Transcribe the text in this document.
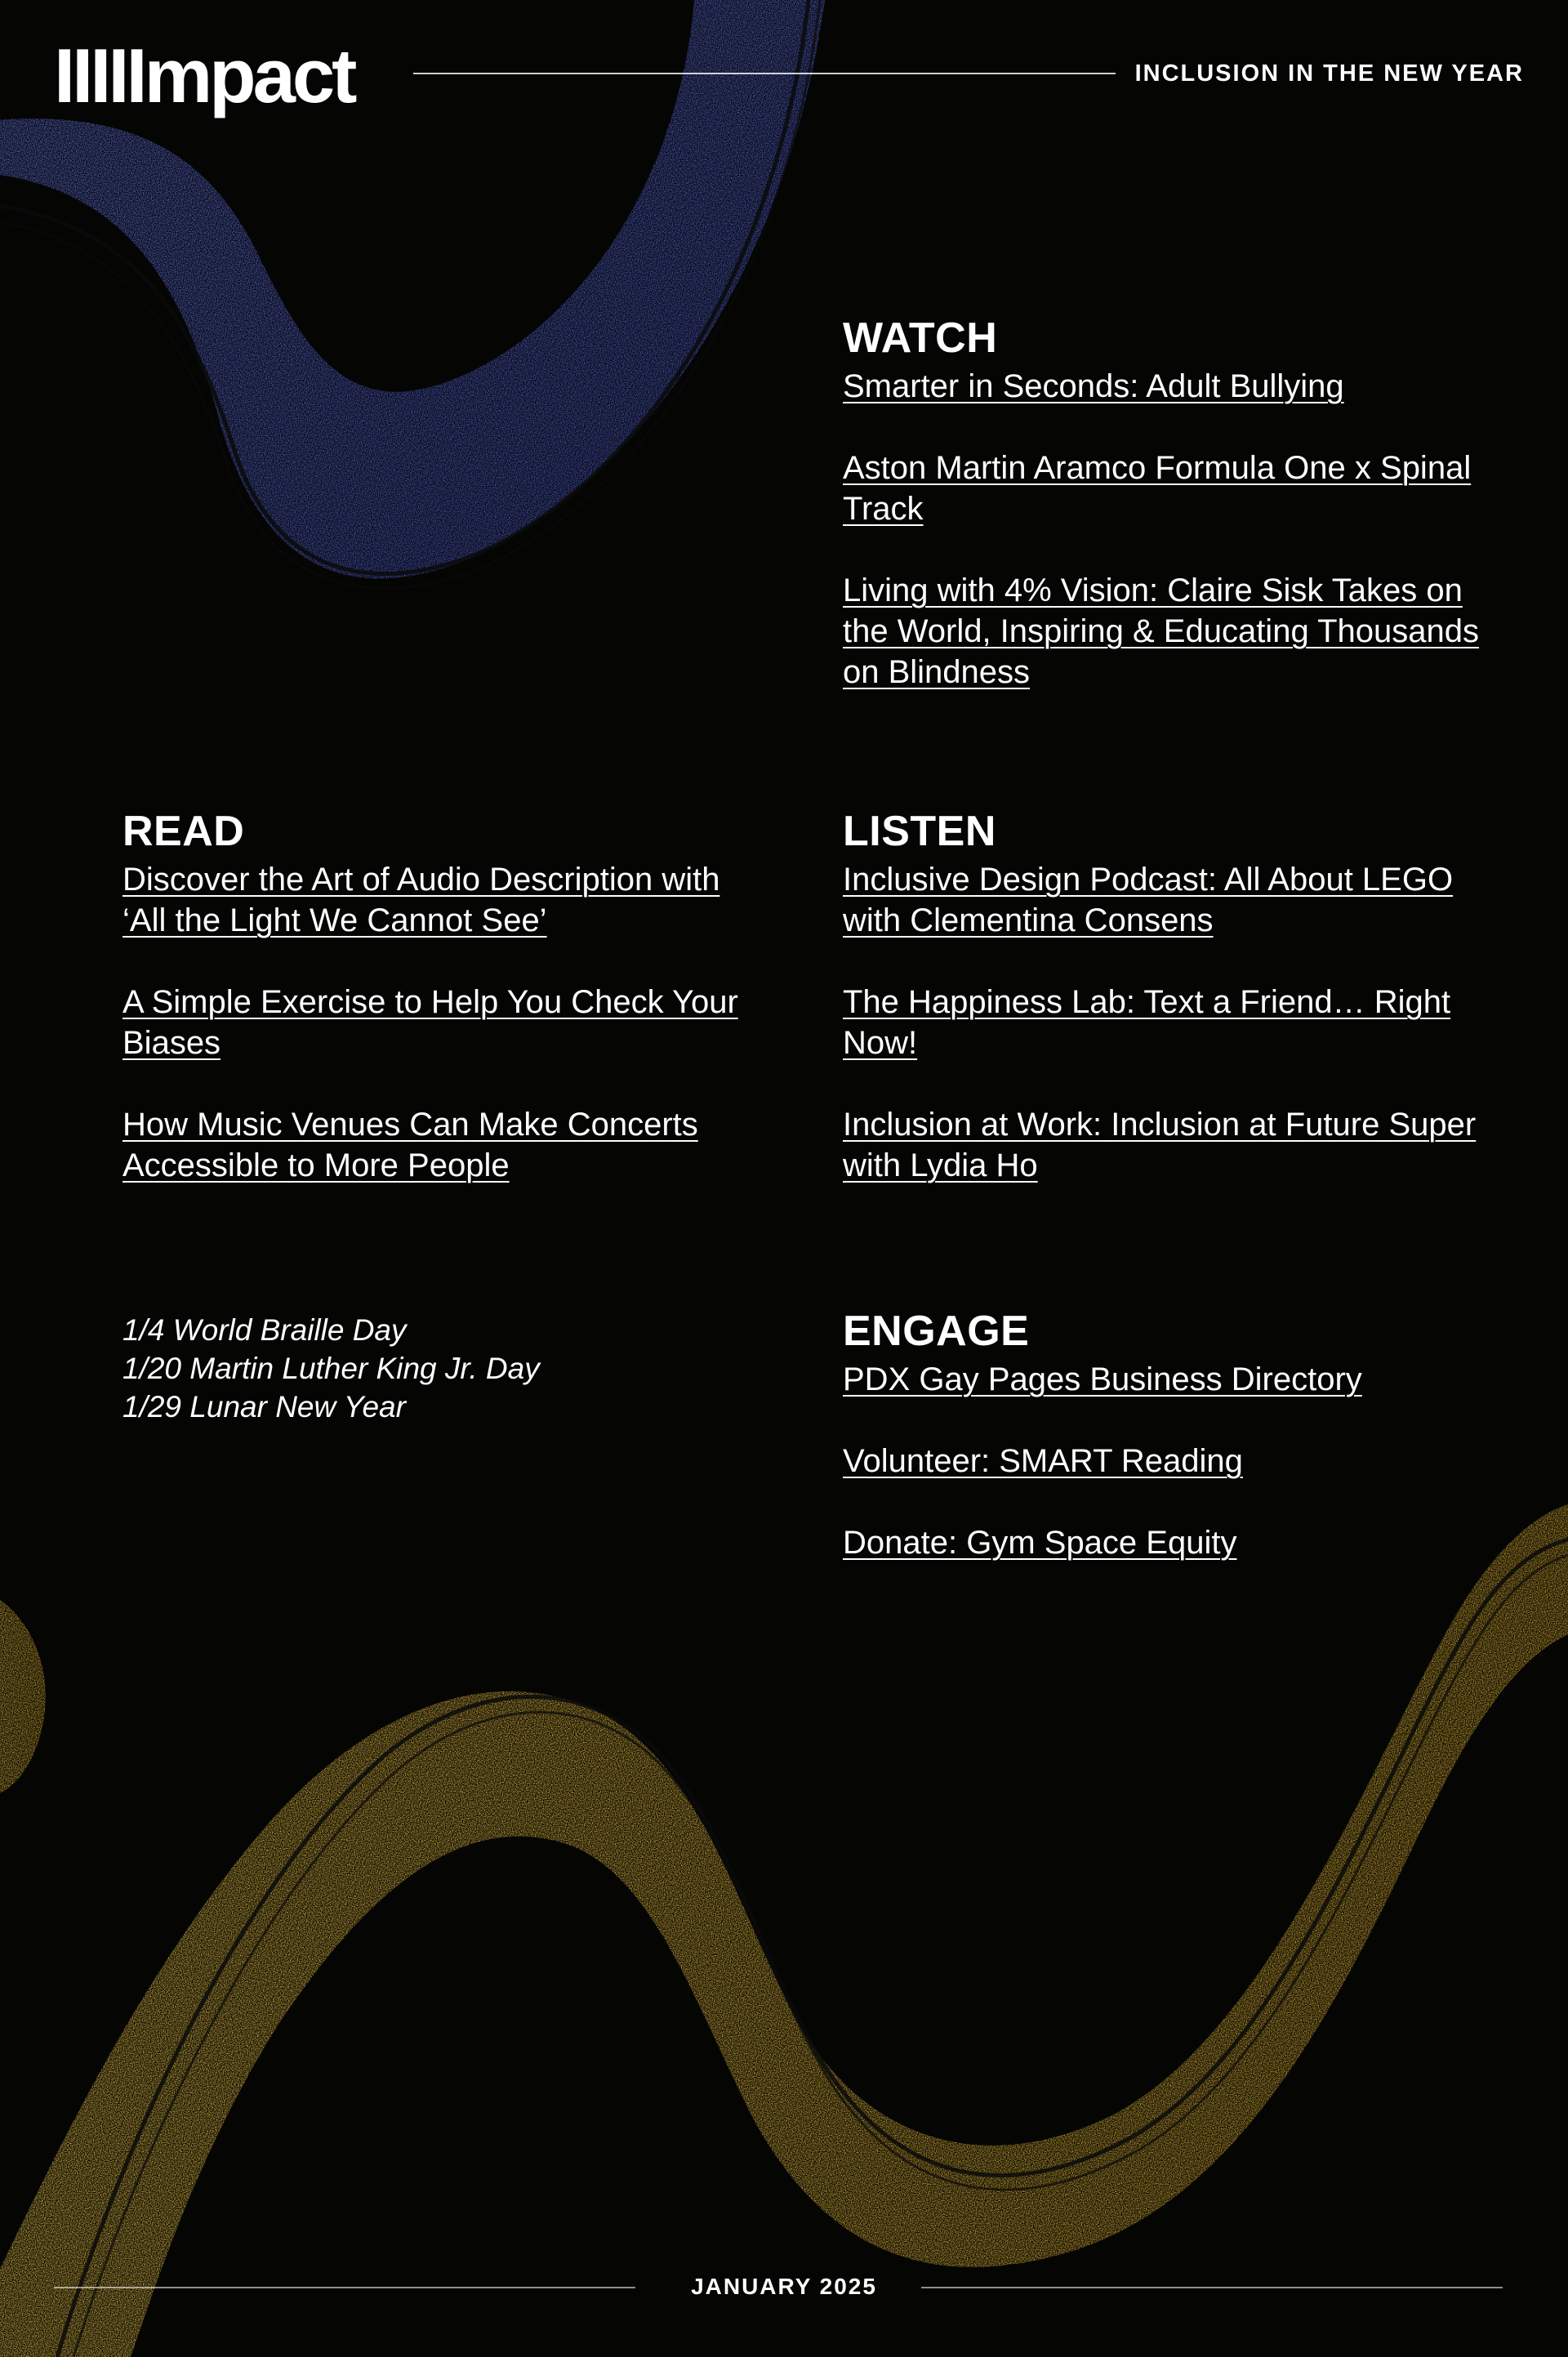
IIIIImpact	INCLUSION IN THE NEW YEAR
WATCH
Smarter in Seconds: Adult Bullying
Aston Martin Aramco Formula One x Spinal Track
Living with 4% Vision: Claire Sisk Takes on the World, Inspiring & Educating Thousands on Blindness
READ
Discover the Art of Audio Description with ‘All the Light We Cannot See’
A Simple Exercise to Help You Check Your Biases
How Music Venues Can Make Concerts Accessible to More People
LISTEN
Inclusive Design Podcast: All About LEGO with Clementina Consens
The Happiness Lab: Text a Friend… Right Now!
Inclusion at Work: Inclusion at Future Super with Lydia Ho
1/4 World Braille Day
1/20 Martin Luther King Jr. Day
1/29 Lunar New Year
ENGAGE
PDX Gay Pages Business Directory
Volunteer: SMART Reading
Donate: Gym Space Equity
JANUARY 2025
